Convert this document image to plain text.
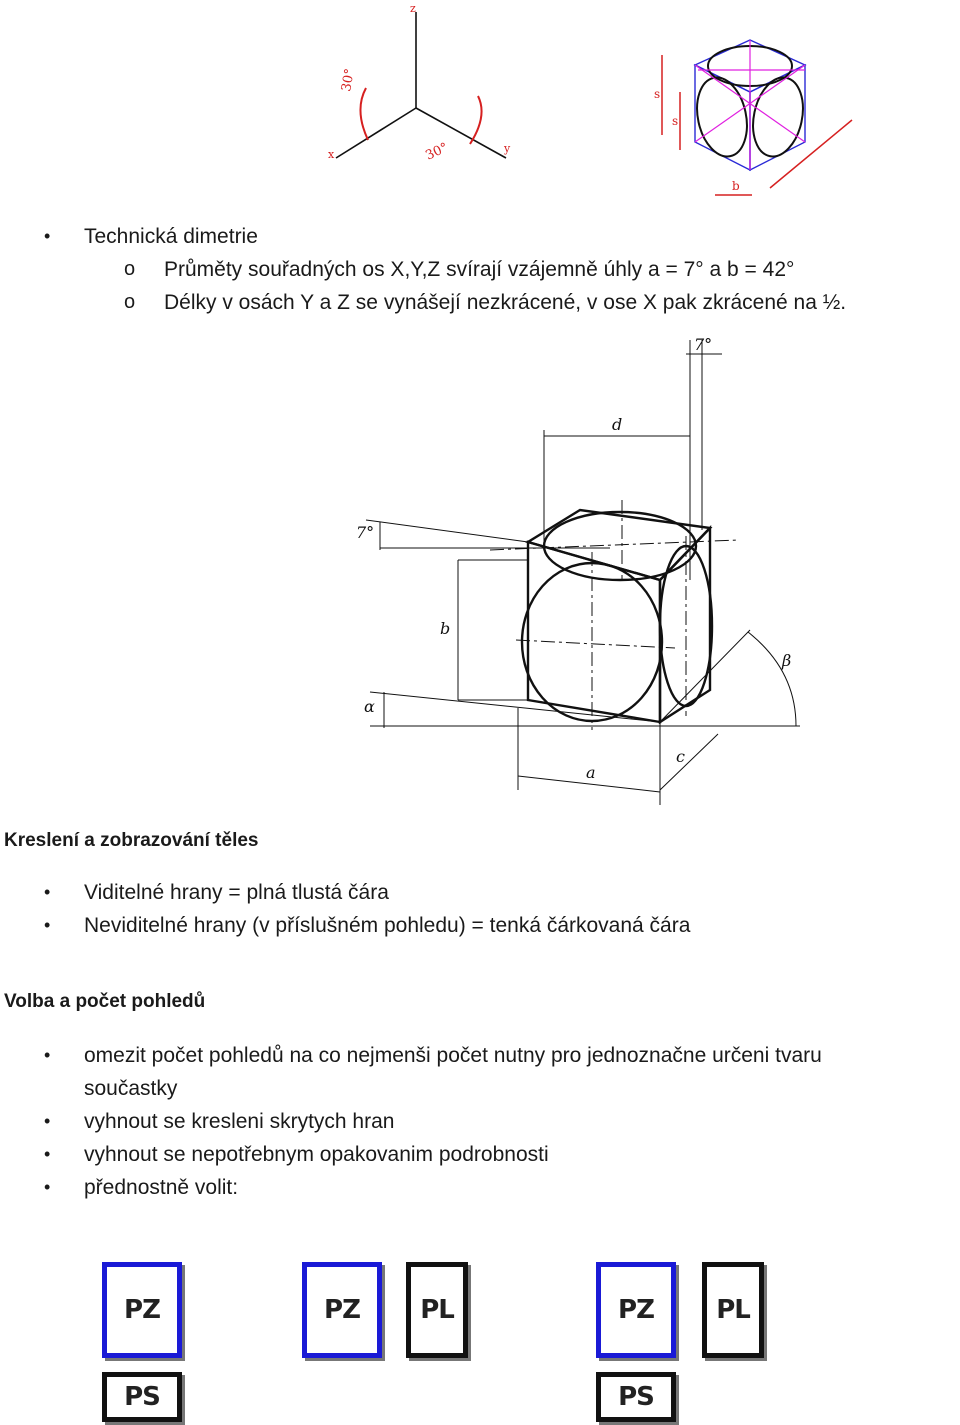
30°
30°
z
x	y
s
s
b
• Technická dimetrie
o Průměty souřadných os X,Y,Z svírají vzájemně úhly a = 7° a b = 42°
o Délky v osách Y a Z se vynášejí nezkrácené, v ose X pak zkrácené na ½.
d
7°
7°
b
α
β
a
c
Kreslení a zobrazování těles
• Viditelné hrany = plná tlustá čára
• Neviditelné hrany (v příslušném pohledu) = tenká čárkovaná čára
Volba a počet pohledů
• omezit počet pohledů na co nejmenši počet nutny pro jednoznačne určeni tvaru
součastky
• vyhnout se kresleni skrytych hran
• vyhnout se nepotřebnym opakovanim podrobnosti
• přednostně volit:
PZ
PS
PZ	PL	PZ	PL
PS
